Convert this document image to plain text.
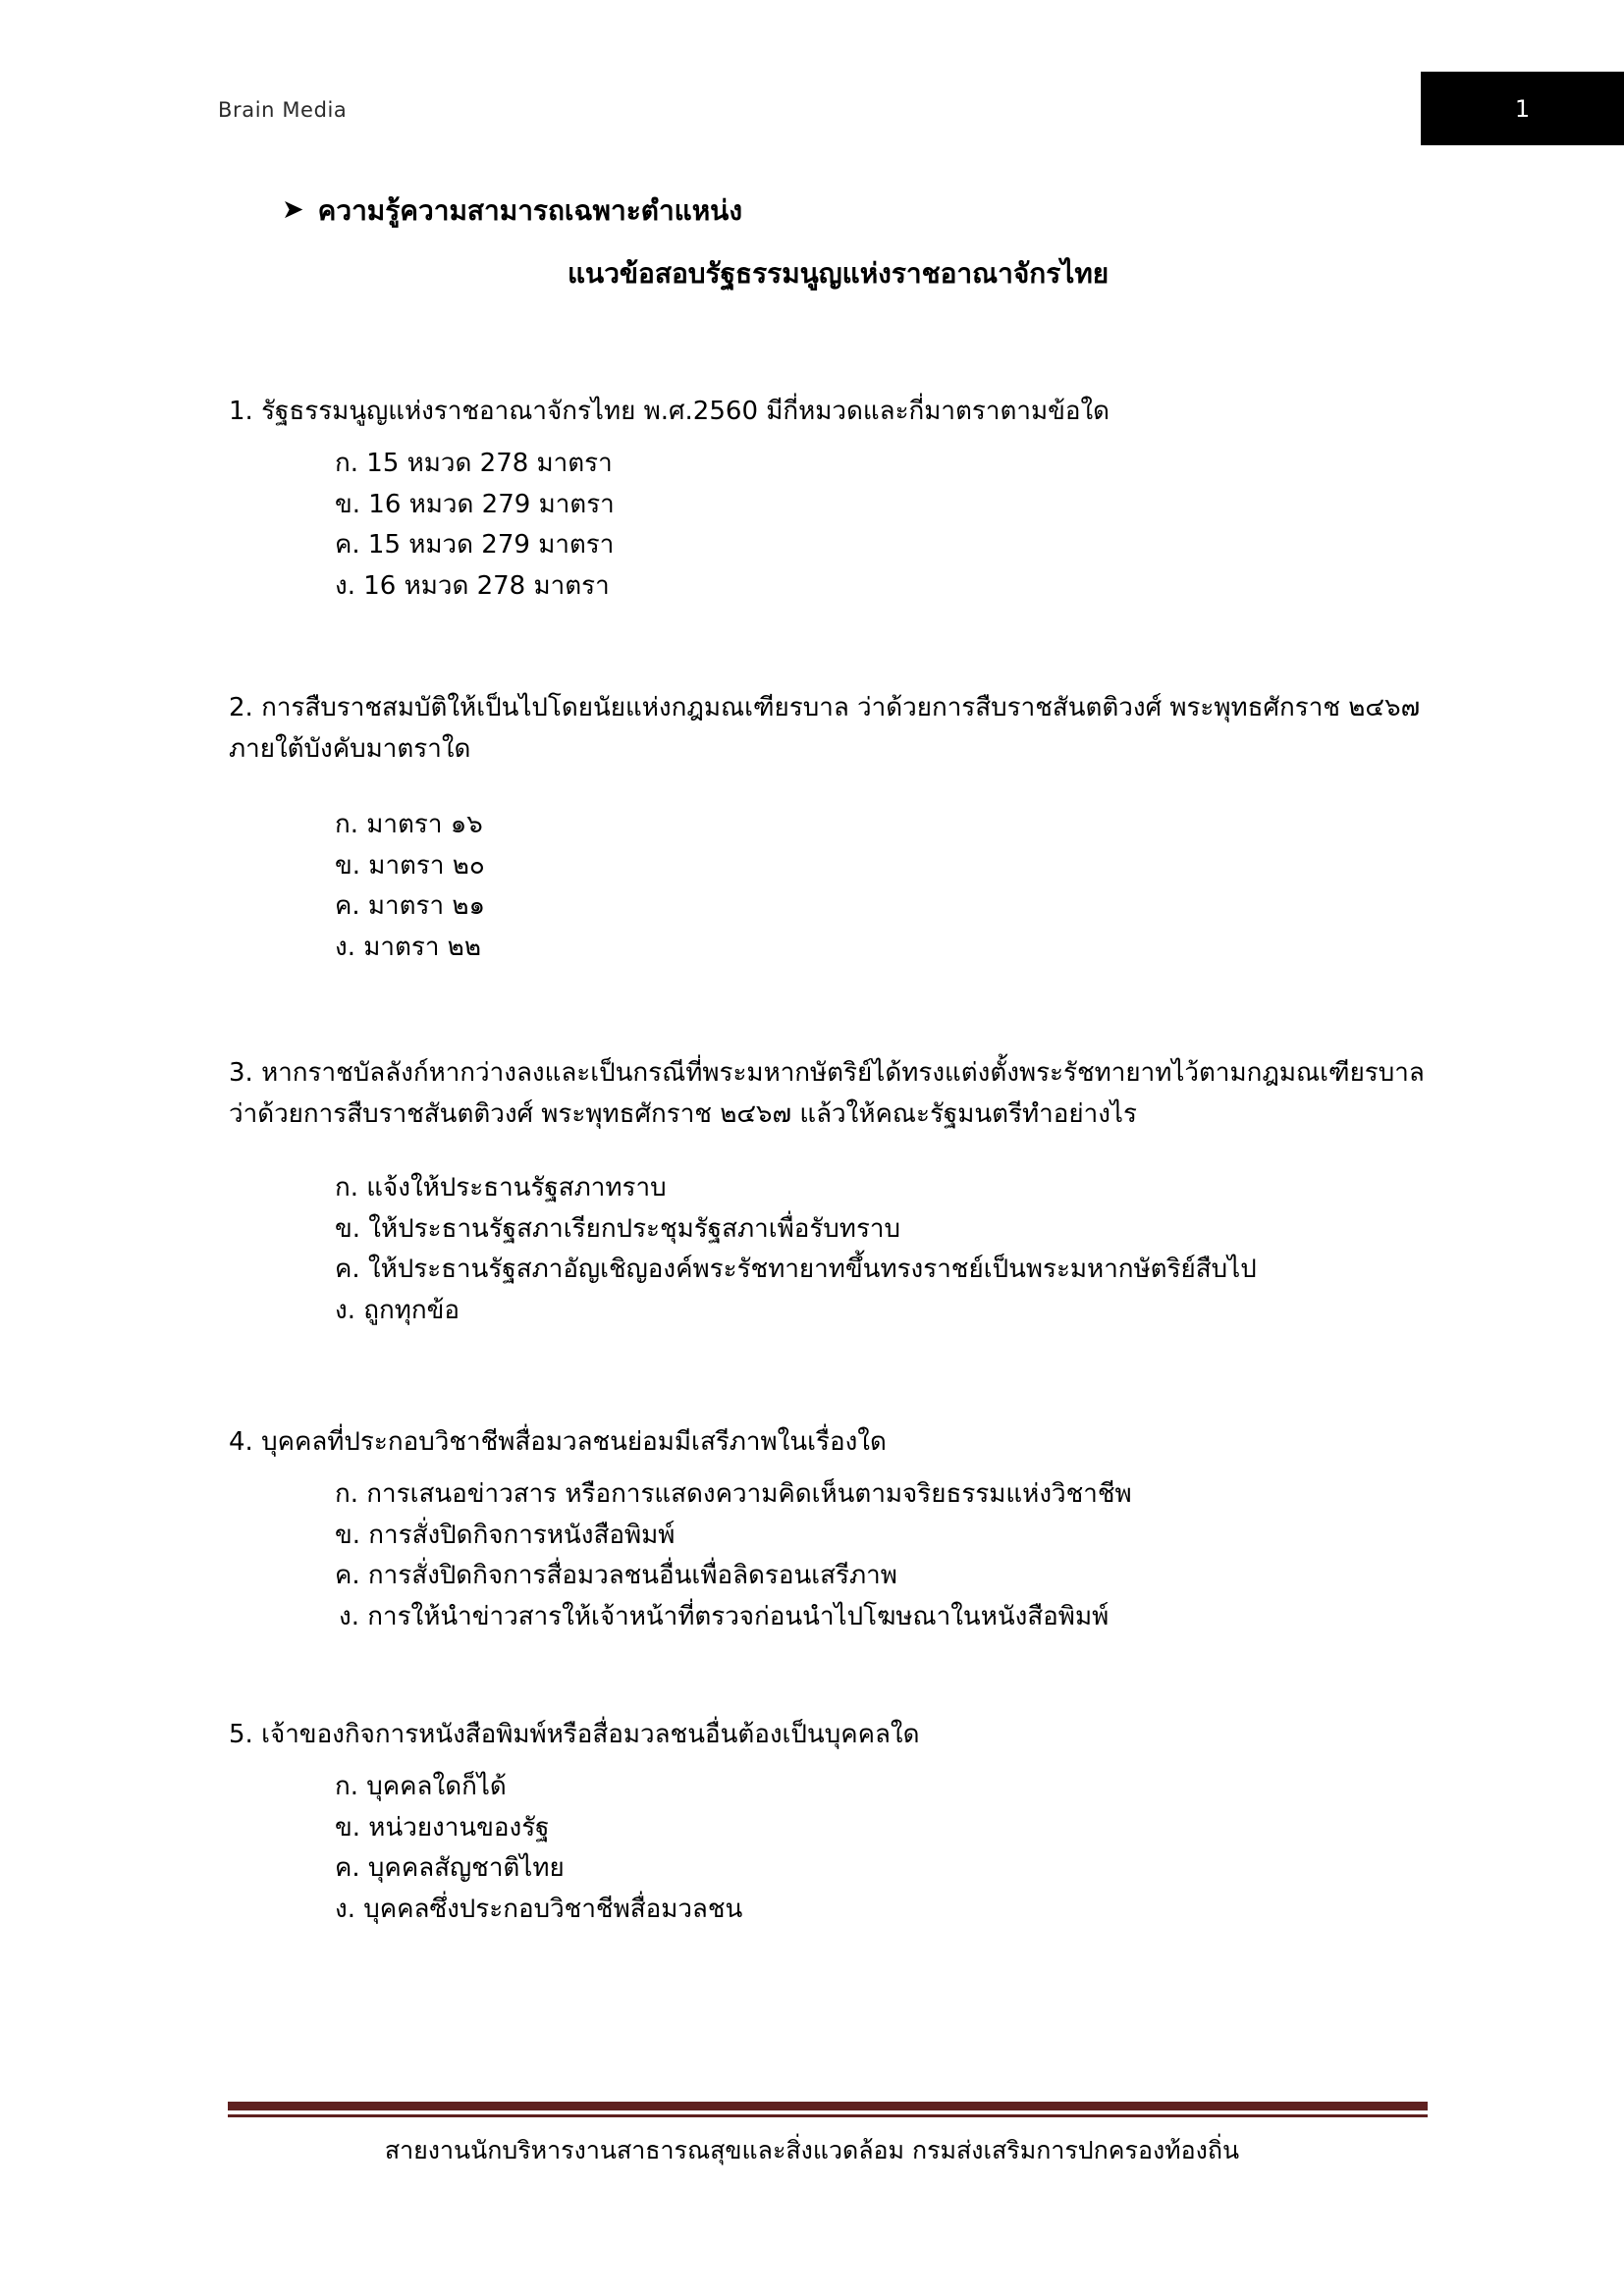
Brain Media	1
➤ ความรู้ความสามารถเฉพาะตำแหน่ง
แนวข้อสอบรัฐธรรมนูญแห่งราชอาณาจักรไทย
1. รัฐธรรมนูญแห่งราชอาณาจักรไทย พ.ศ.2560 มีกี่หมวดและกี่มาตราตามข้อใด
ก. 15 หมวด 278 มาตรา
ข. 16 หมวด 279 มาตรา
ค. 15 หมวด 279 มาตรา
ง. 16 หมวด 278 มาตรา
2. การสืบราชสมบัติให้เป็นไปโดยนัยแห่งกฎมณเฑียรบาล ว่าด้วยการสืบราชสันตติวงศ์ พระพุทธศักราช ๒๔๖๗ ภายใต้บังคับมาตราใด
ก. มาตรา ๑๖
ข. มาตรา ๒๐
ค. มาตรา ๒๑
ง. มาตรา ๒๒
3. หากราชบัลลังก์หากว่างลงและเป็นกรณีที่พระมหากษัตริย์ได้ทรงแต่งตั้งพระรัชทายาทไว้ตามกฎมณเฑียรบาลว่าด้วยการสืบราชสันตติวงศ์ พระพุทธศักราช ๒๔๖๗ แล้วให้คณะรัฐมนตรีทำอย่างไร
ก. แจ้งให้ประธานรัฐสภาทราบ
ข. ให้ประธานรัฐสภาเรียกประชุมรัฐสภาเพื่อรับทราบ
ค. ให้ประธานรัฐสภาอัญเชิญองค์พระรัชทายาทขึ้นทรงราชย์เป็นพระมหากษัตริย์สืบไป
ง. ถูกทุกข้อ
4. บุคคลที่ประกอบวิชาชีพสื่อมวลชนย่อมมีเสรีภาพในเรื่องใด
ก. การเสนอข่าวสาร หรือการแสดงความคิดเห็นตามจริยธรรมแห่งวิชาชีพ
ข. การสั่งปิดกิจการหนังสือพิมพ์
ค. การสั่งปิดกิจการสื่อมวลชนอื่นเพื่อลิดรอนเสรีภาพ
ง. การให้นำข่าวสารให้เจ้าหน้าที่ตรวจก่อนนำไปโฆษณาในหนังสือพิมพ์
5. เจ้าของกิจการหนังสือพิมพ์หรือสื่อมวลชนอื่นต้องเป็นบุคคลใด
ก. บุคคลใดก็ได้
ข. หน่วยงานของรัฐ
ค. บุคคลสัญชาติไทย
ง. บุคคลซึ่งประกอบวิชาชีพสื่อมวลชน
สายงานนักบริหารงานสาธารณสุขและสิ่งแวดล้อม กรมส่งเสริมการปกครองท้องถิ่น
